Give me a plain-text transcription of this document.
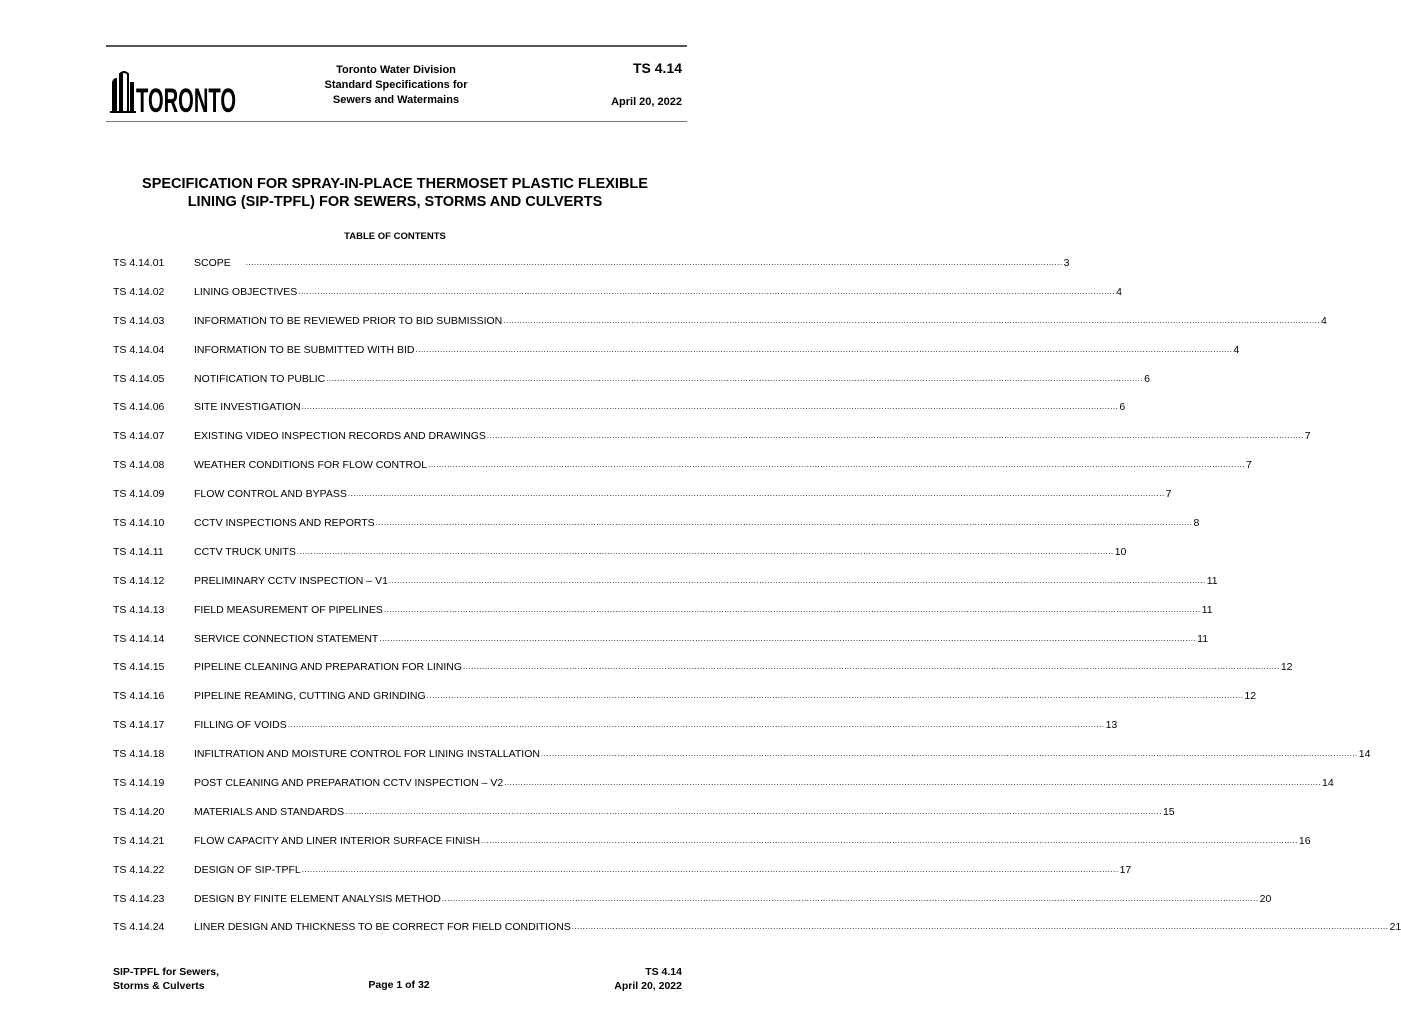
TORONTO
Toronto Water Division
Standard Specifications for
Sewers and Watermains
TS 4.14
April 20, 2022
SPECIFICATION FOR SPRAY-IN-PLACE THERMOSET PLASTIC FLEXIBLE
LINING (SIP-TPFL) FOR SEWERS, STORMS AND CULVERTS
TABLE OF CONTENTS
TS 4.14.01	SCOPE ............................................................................................................................................................................................................................................................................................................ 3
TS 4.14.02	LINING OBJECTIVES ............................................................................................................................................................................................................................................................................................................ 4
TS 4.14.03	INFORMATION TO BE REVIEWED PRIOR TO BID SUBMISSION ............................................................................................................................................................................................................................................................................................................ 4
TS 4.14.04	INFORMATION TO BE SUBMITTED WITH BID ............................................................................................................................................................................................................................................................................................................ 4
TS 4.14.05	NOTIFICATION TO PUBLIC ............................................................................................................................................................................................................................................................................................................ 6
TS 4.14.06	SITE INVESTIGATION ............................................................................................................................................................................................................................................................................................................ 6
TS 4.14.07	EXISTING VIDEO INSPECTION RECORDS AND DRAWINGS ............................................................................................................................................................................................................................................................................................................ 7
TS 4.14.08	WEATHER CONDITIONS FOR FLOW CONTROL ............................................................................................................................................................................................................................................................................................................ 7
TS 4.14.09	FLOW CONTROL AND BYPASS ............................................................................................................................................................................................................................................................................................................ 7
TS 4.14.10	CCTV INSPECTIONS AND REPORTS ............................................................................................................................................................................................................................................................................................................ 8
TS 4.14.11	CCTV TRUCK UNITS ............................................................................................................................................................................................................................................................................................................ 10
TS 4.14.12	PRELIMINARY CCTV INSPECTION – V1 ............................................................................................................................................................................................................................................................................................................ 11
TS 4.14.13	FIELD MEASUREMENT OF PIPELINES ............................................................................................................................................................................................................................................................................................................ 11
TS 4.14.14	SERVICE CONNECTION STATEMENT ............................................................................................................................................................................................................................................................................................................ 11
TS 4.14.15	PIPELINE CLEANING AND PREPARATION FOR LINING ............................................................................................................................................................................................................................................................................................................ 12
TS 4.14.16	PIPELINE REAMING, CUTTING AND GRINDING ............................................................................................................................................................................................................................................................................................................ 12
TS 4.14.17	FILLING OF VOIDS ............................................................................................................................................................................................................................................................................................................ 13
TS 4.14.18	INFILTRATION AND MOISTURE CONTROL FOR LINING INSTALLATION ............................................................................................................................................................................................................................................................................................................ 14
TS 4.14.19	POST CLEANING AND PREPARATION CCTV INSPECTION – V2 ............................................................................................................................................................................................................................................................................................................ 14
TS 4.14.20	MATERIALS AND STANDARDS ............................................................................................................................................................................................................................................................................................................ 15
TS 4.14.21	FLOW CAPACITY AND LINER INTERIOR SURFACE FINISH ............................................................................................................................................................................................................................................................................................................ 16
TS 4.14.22	DESIGN OF SIP-TPFL ............................................................................................................................................................................................................................................................................................................ 17
TS 4.14.23	DESIGN BY FINITE ELEMENT ANALYSIS METHOD ............................................................................................................................................................................................................................................................................................................ 20
TS 4.14.24	LINER DESIGN AND THICKNESS TO BE CORRECT FOR FIELD CONDITIONS ............................................................................................................................................................................................................................................................................................................ 21
SIP-TPFL for Sewers,
Storms & Culverts	Page 1 of 32
TS 4.14
April 20, 2022
